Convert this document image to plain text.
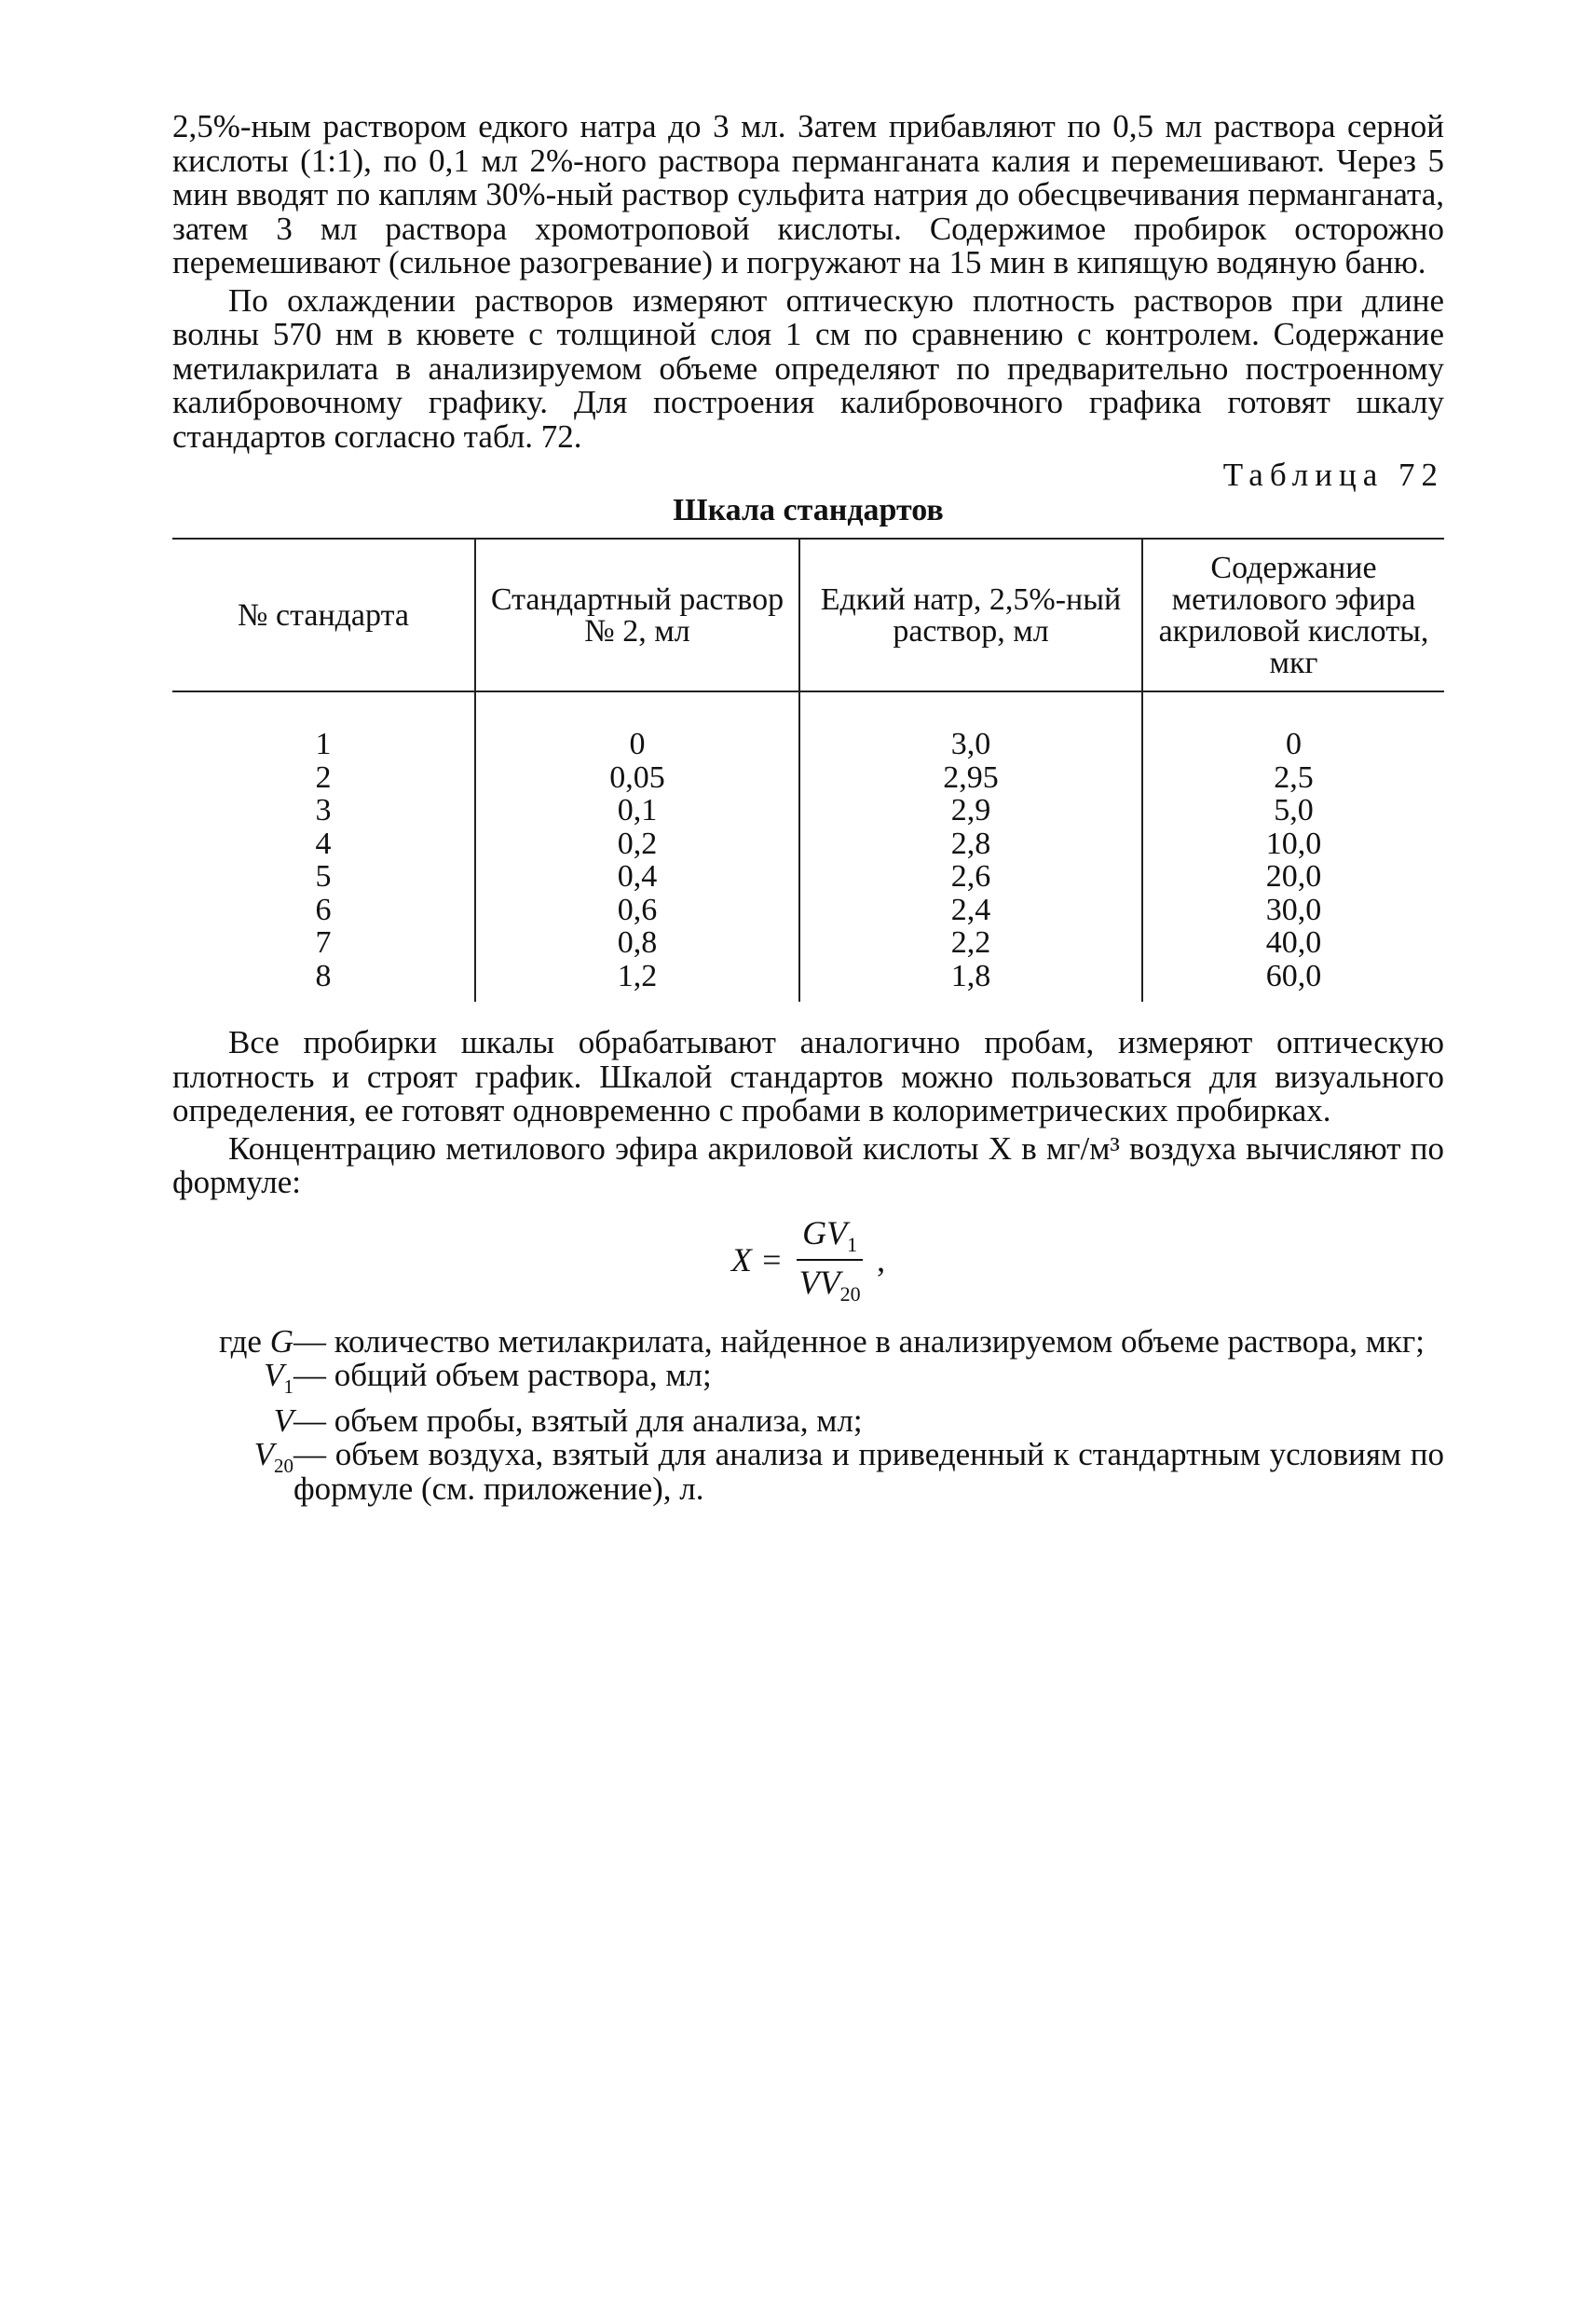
2,5%-ным раствором едкого натра до 3 мл. Затем прибавляют по 0,5 мл раствора серной кислоты (1:1), по 0,1 мл 2%-ного раствора перманганата калия и перемешивают. Через 5 мин вводят по каплям 30%-ный раствор сульфита натрия до обесцвечивания перманганата, затем 3 мл раствора хромотроповой кислоты. Содержимое пробирок осторожно перемешивают (сильное разогревание) и погружают на 15 мин в кипящую водяную баню.

По охлаждении растворов измеряют оптическую плотность растворов при длине волны 570 нм в кювете с толщиной слоя 1 см по сравнению с контролем. Содержание метилакрилата в анализируемом объеме определяют по предварительно построенному калибровочному графику. Для построения калибровочного графика готовят шкалу стандартов согласно табл. 72.

Таблица 72
Шкала стандартов
№ стандарта	Стандартный раствор № 2, мл	Едкий натр, 2,5%-ный раствор, мл	Содержание метилового эфира акриловой кислоты, мкг
1	0	3,0	0
2	0,05	2,95	2,5
3	0,1	2,9	5,0
4	0,2	2,8	10,0
5	0,4	2,6	20,0
6	0,6	2,4	30,0
7	0,8	2,2	40,0
8	1,2	1,8	60,0

Все пробирки шкалы обрабатывают аналогично пробам, измеряют оптическую плотность и строят график. Шкалой стандартов можно пользоваться для визуального определения, ее готовят одновременно с пробами в колориметрических пробирках.

Концентрацию метилового эфира акриловой кислоты X в мг/м³ воздуха вычисляют по формуле:

$X = \frac{GV_1}{VV_{20}}$ ,
где G — количество метилакрилата, найденное в анализируемом объеме раствора, мкг;
$V_1$ — общий объем раствора, мл;
V — объем пробы, взятый для анализа, мл;
$V_{20}$ — объем воздуха, взятый для анализа и приведенный к стандартным условиям по формуле (см. приложение), л.
